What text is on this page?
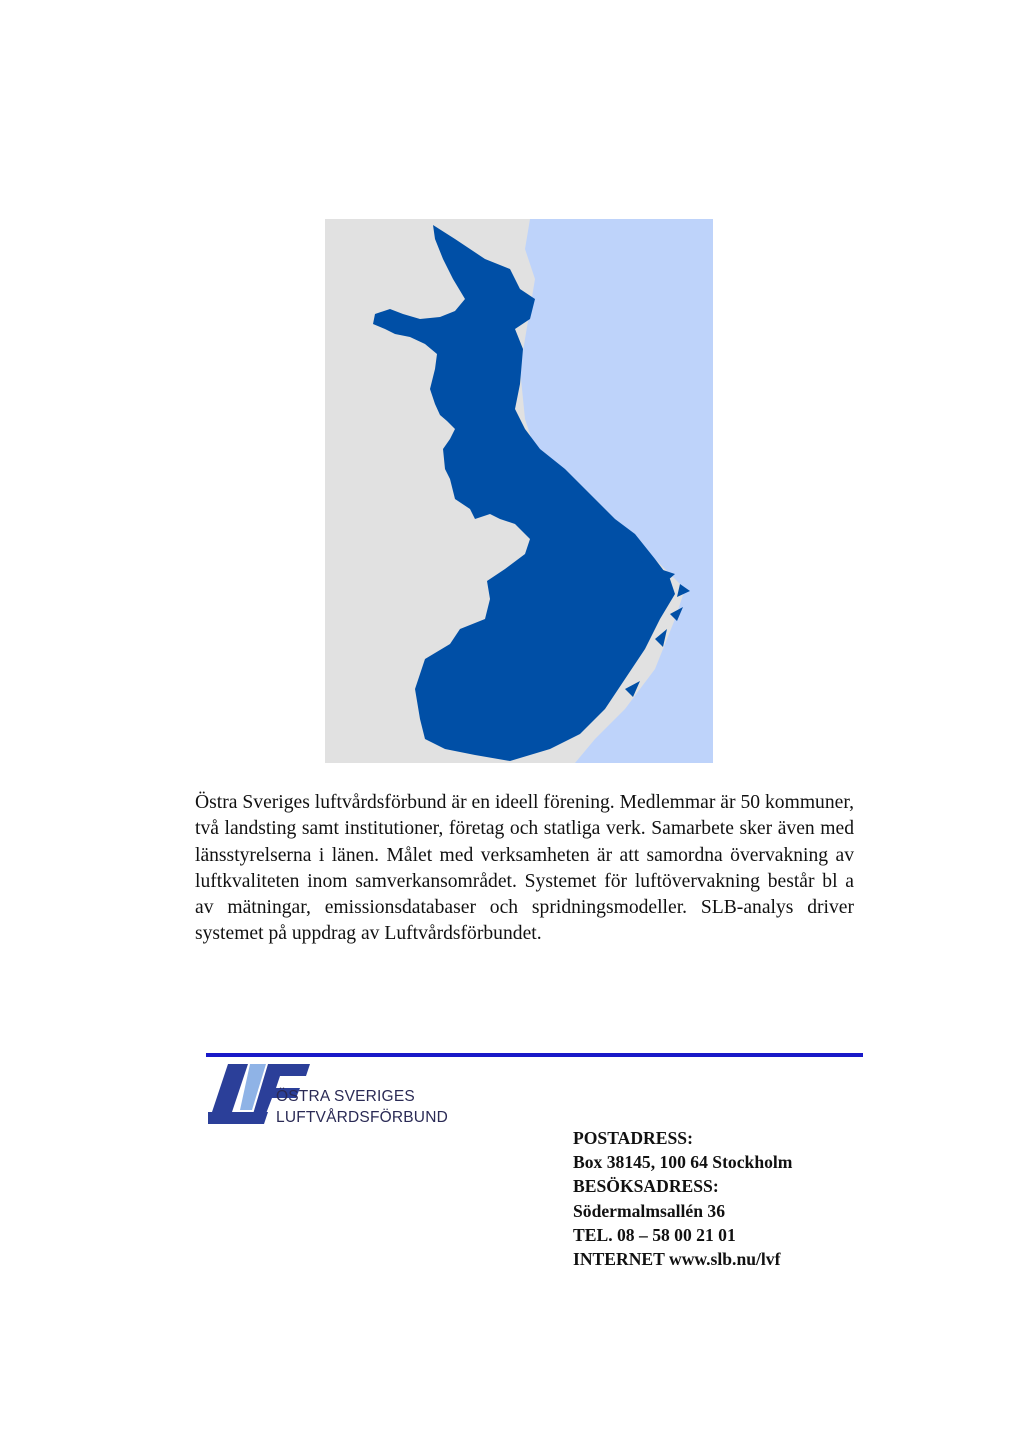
Östra Sveriges luftvårdsförbund är en ideell förening. Medlemmar är 50 kommuner, två landsting samt institutioner, företag och statliga verk. Samarbete sker även med länsstyrelserna i länen. Målet med verksamheten är att samordna övervakning av luftkvaliteten inom samverkansområdet. Systemet för luftövervakning består bl a av mätningar, emissionsdatabaser och spridningsmodeller. SLB-analys driver systemet på uppdrag av Luftvårdsförbundet.

ÖSTRA SVERIGES
LUFTVÅRDSFÖRBUND
POSTADRESS:
Box 38145, 100 64 Stockholm
BESÖKSADRESS:
Södermalmsallén 36
TEL. 08 – 58 00 21 01
INTERNET www.slb.nu/lvf
